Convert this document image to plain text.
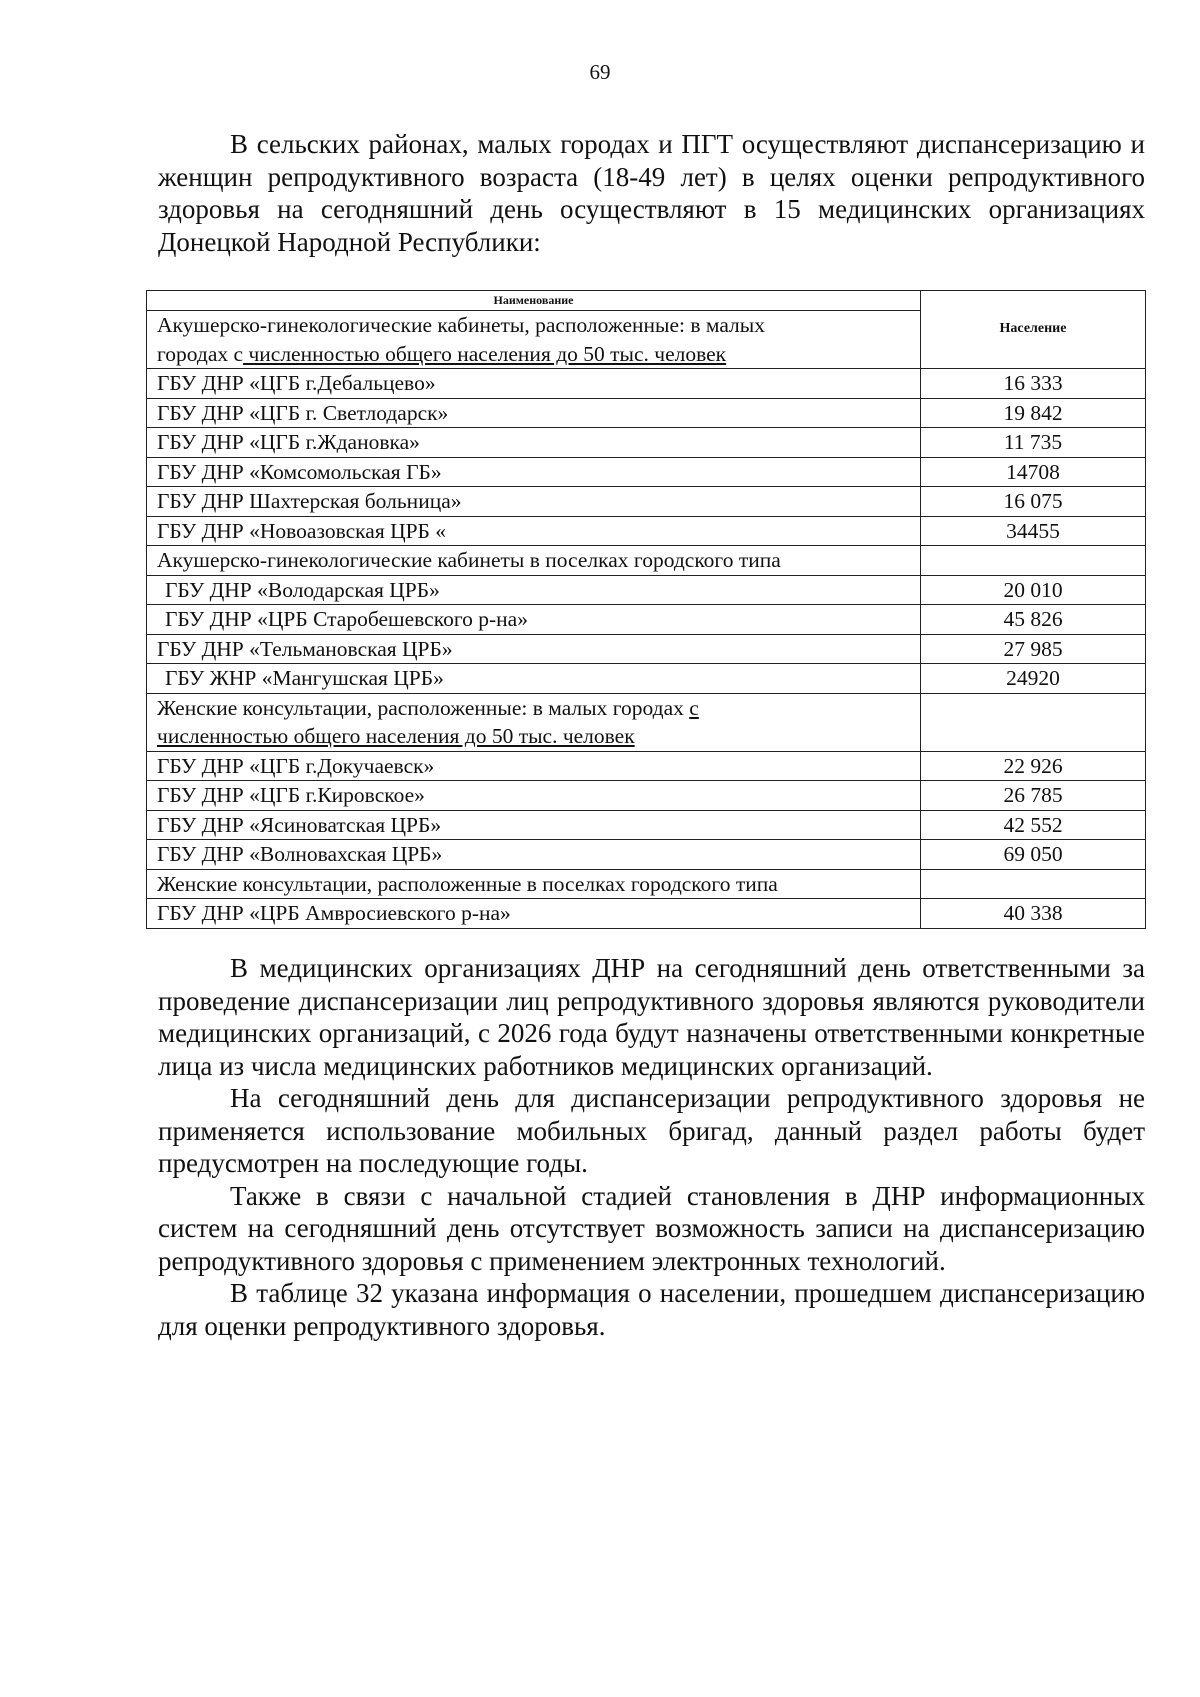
69

В сельских районах, малых городах и ПГТ осуществляют диспансеризацию и женщин репродуктивного возраста (18-49 лет) в целях оценки репродуктивного здоровья на сегодняшний день осуществляют в 15 медицинских организациях Донецкой Народной Республики:

Наименование	Население
Акушерско-гинекологические кабинеты, расположенные: в малых
городах с численностью общего населения до 50 тыс. человек	
ГБУ ДНР «ЦГБ г.Дебальцево»	16 333
ГБУ ДНР «ЦГБ г. Светлодарск»	19 842
ГБУ ДНР «ЦГБ г.Ждановка»	11 735
ГБУ ДНР «Комсомольская ГБ»	14708
ГБУ ДНР Шахтерская больница»	16 075
ГБУ ДНР «Новоазовская ЦРБ «	34455
Акушерско-гинекологические кабинеты в поселках городского типа	
ГБУ ДНР «Володарская ЦРБ»	20 010
ГБУ ДНР «ЦРБ Старобешевского р-на»	45 826
ГБУ ДНР «Тельмановская ЦРБ»	27 985
ГБУ ЖНР «Мангушская ЦРБ»	24920
Женские консультации, расположенные: в малых городах с
численностью общего населения до 50 тыс. человек	
ГБУ ДНР «ЦГБ г.Докучаевск»	22 926
ГБУ ДНР «ЦГБ г.Кировское»	26 785
ГБУ ДНР «Ясиноватская ЦРБ»	42 552
ГБУ ДНР «Волновахская ЦРБ»	69 050
Женские консультации, расположенные в поселках городского типа	
ГБУ ДНР «ЦРБ Амвросиевского р-на»	40 338

В медицинских организациях ДНР на сегодняшний день ответственными за проведение диспансеризации лиц репродуктивного здоровья являются руководители медицинских организаций, с 2026 года будут назначены ответственными конкретные лица из числа медицинских работников медицинских организаций.

На сегодняшний день для диспансеризации репродуктивного здоровья не применяется использование мобильных бригад, данный раздел работы будет предусмотрен на последующие годы.

Также в связи с начальной стадией становления в ДНР информационных систем на сегодняшний день отсутствует возможность записи на диспансеризацию репродуктивного здоровья с применением электронных технологий.

В таблице 32 указана информация о населении, прошедшем диспансеризацию для оценки репродуктивного здоровья.
